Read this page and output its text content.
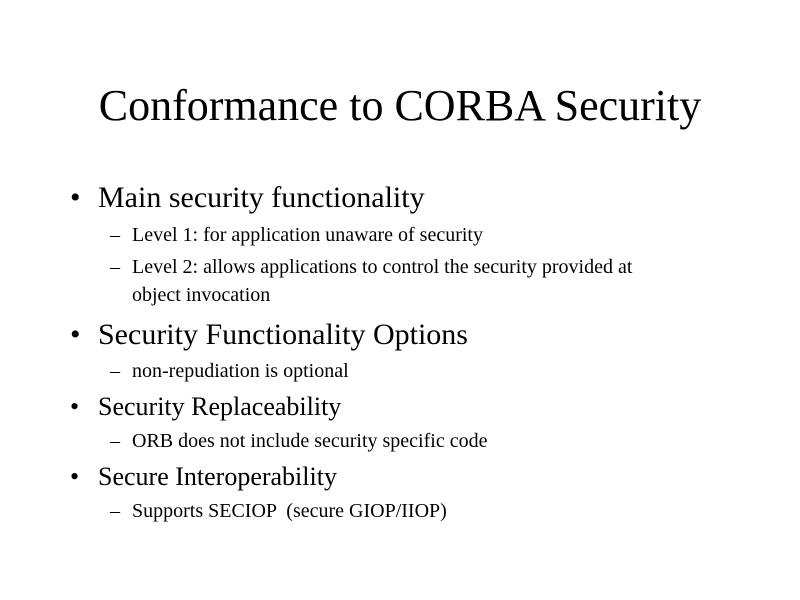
Conformance to CORBA Security
• Main security functionality
– Level 1: for application unaware of security
– Level 2: allows applications to control the security provided at
object invocation
• Security Functionality Options
– non-repudiation is optional
• Security Replaceability
– ORB does not include security specific code
• Secure Interoperability
– Supports SECIOP  (secure GIOP/IIOP)
